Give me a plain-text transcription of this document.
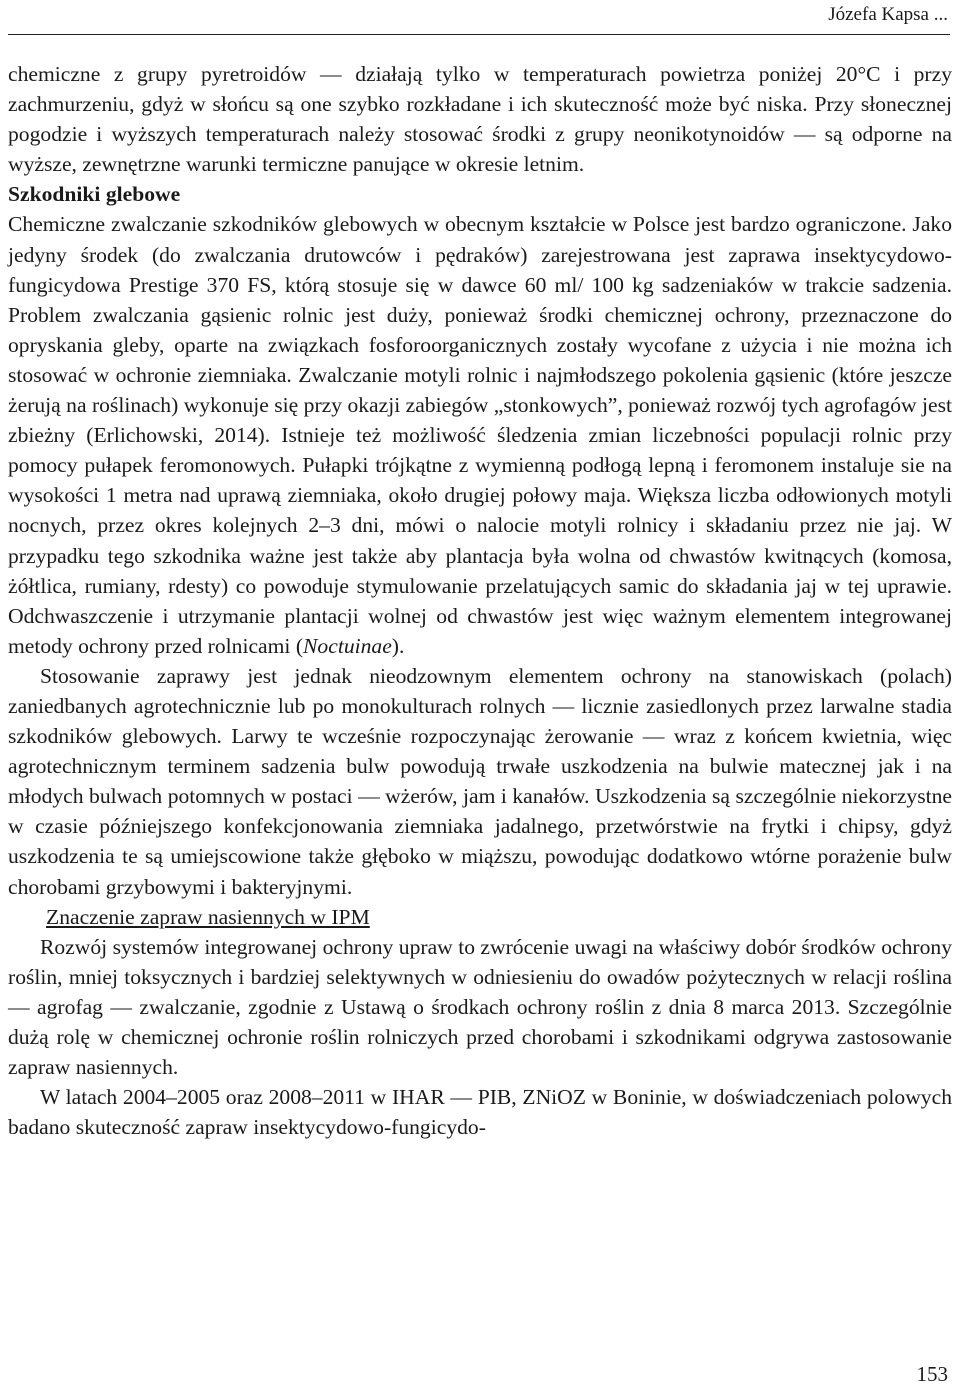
Józefa Kapsa ...

chemiczne z grupy pyretroidów — działają tylko w temperaturach powietrza poniżej 20°C i przy zachmurzeniu, gdyż w słońcu są one szybko rozkładane i ich skuteczność może być niska. Przy słonecznej pogodzie i wyższych temperaturach należy stosować środki z grupy neonikotynoidów — są odporne na wyższe, zewnętrzne warunki termiczne panujące w okresie letnim.

Szkodniki glebowe

Chemiczne zwalczanie szkodników glebowych w obecnym kształcie w Polsce jest bardzo ograniczone. Jako jedyny środek (do zwalczania drutowców i pędraków) zarejestrowana jest zaprawa insektycydowo-fungicydowa Prestige 370 FS, którą stosuje się w dawce 60 ml/ 100 kg sadzeniaków w trakcie sadzenia. Problem zwalczania gąsienic rolnic jest duży, ponieważ środki chemicznej ochrony, przeznaczone do opryskania gleby, oparte na związkach fosforoorganicznych zostały wycofane z użycia i nie można ich stosować w ochronie ziemniaka. Zwalczanie motyli rolnic i najmłodszego pokolenia gąsienic (które jeszcze żerują na roślinach) wykonuje się przy okazji zabiegów „stonkowych”, ponieważ rozwój tych agrofagów jest zbieżny (Erlichowski, 2014). Istnieje też możliwość śledzenia zmian liczebności populacji rolnic przy pomocy pułapek feromonowych. Pułapki trójkątne z wymienną podłogą lepną i feromonem instaluje sie na wysokości 1 metra nad uprawą ziemniaka, około drugiej połowy maja. Większa liczba odłowionych motyli nocnych, przez okres kolejnych 2–3 dni, mówi o nalocie motyli rolnicy i składaniu przez nie jaj. W przypadku tego szkodnika ważne jest także aby plantacja była wolna od chwastów kwitnących (komosa, żółtlica, rumiany, rdesty) co powoduje stymulowanie przelatujących samic do składania jaj w tej uprawie. Odchwaszczenie i utrzymanie plantacji wolnej od chwastów jest więc ważnym elementem integrowanej metody ochrony przed rolnicami (Noctuinae).

Stosowanie zaprawy jest jednak nieodzownym elementem ochrony na stanowiskach (polach) zaniedbanych agrotechnicznie lub po monokulturach rolnych — licznie zasiedlonych przez larwalne stadia szkodników glebowych. Larwy te wcześnie rozpoczynając żerowanie — wraz z końcem kwietnia, więc agrotechnicznym terminem sadzenia bulw powodują trwałe uszkodzenia na bulwie matecznej jak i na młodych bulwach potomnych w postaci — wżerów, jam i kanałów. Uszkodzenia są szczególnie niekorzystne w czasie późniejszego konfekcjonowania ziemniaka jadalnego, przetwórstwie na frytki i chipsy, gdyż uszkodzenia te są umiejscowione także głęboko w miąższu, powodując dodatkowo wtórne porażenie bulw chorobami grzybowymi i bakteryjnymi.

Znaczenie zapraw nasiennych w IPM

Rozwój systemów integrowanej ochrony upraw to zwrócenie uwagi na właściwy dobór środków ochrony roślin, mniej toksycznych i bardziej selektywnych w odniesieniu do owadów pożytecznych w relacji roślina — agrofag — zwalczanie, zgodnie z Ustawą o środkach ochrony roślin z dnia 8 marca 2013. Szczególnie dużą rolę w chemicznej ochronie roślin rolniczych przed chorobami i szkodnikami odgrywa zastosowanie zapraw nasiennych.

W latach 2004–2005 oraz 2008–2011 w IHAR — PIB, ZNiOZ w Boninie, w doświadczeniach polowych badano skuteczność zapraw insektycydowo-fungicydo-

153
